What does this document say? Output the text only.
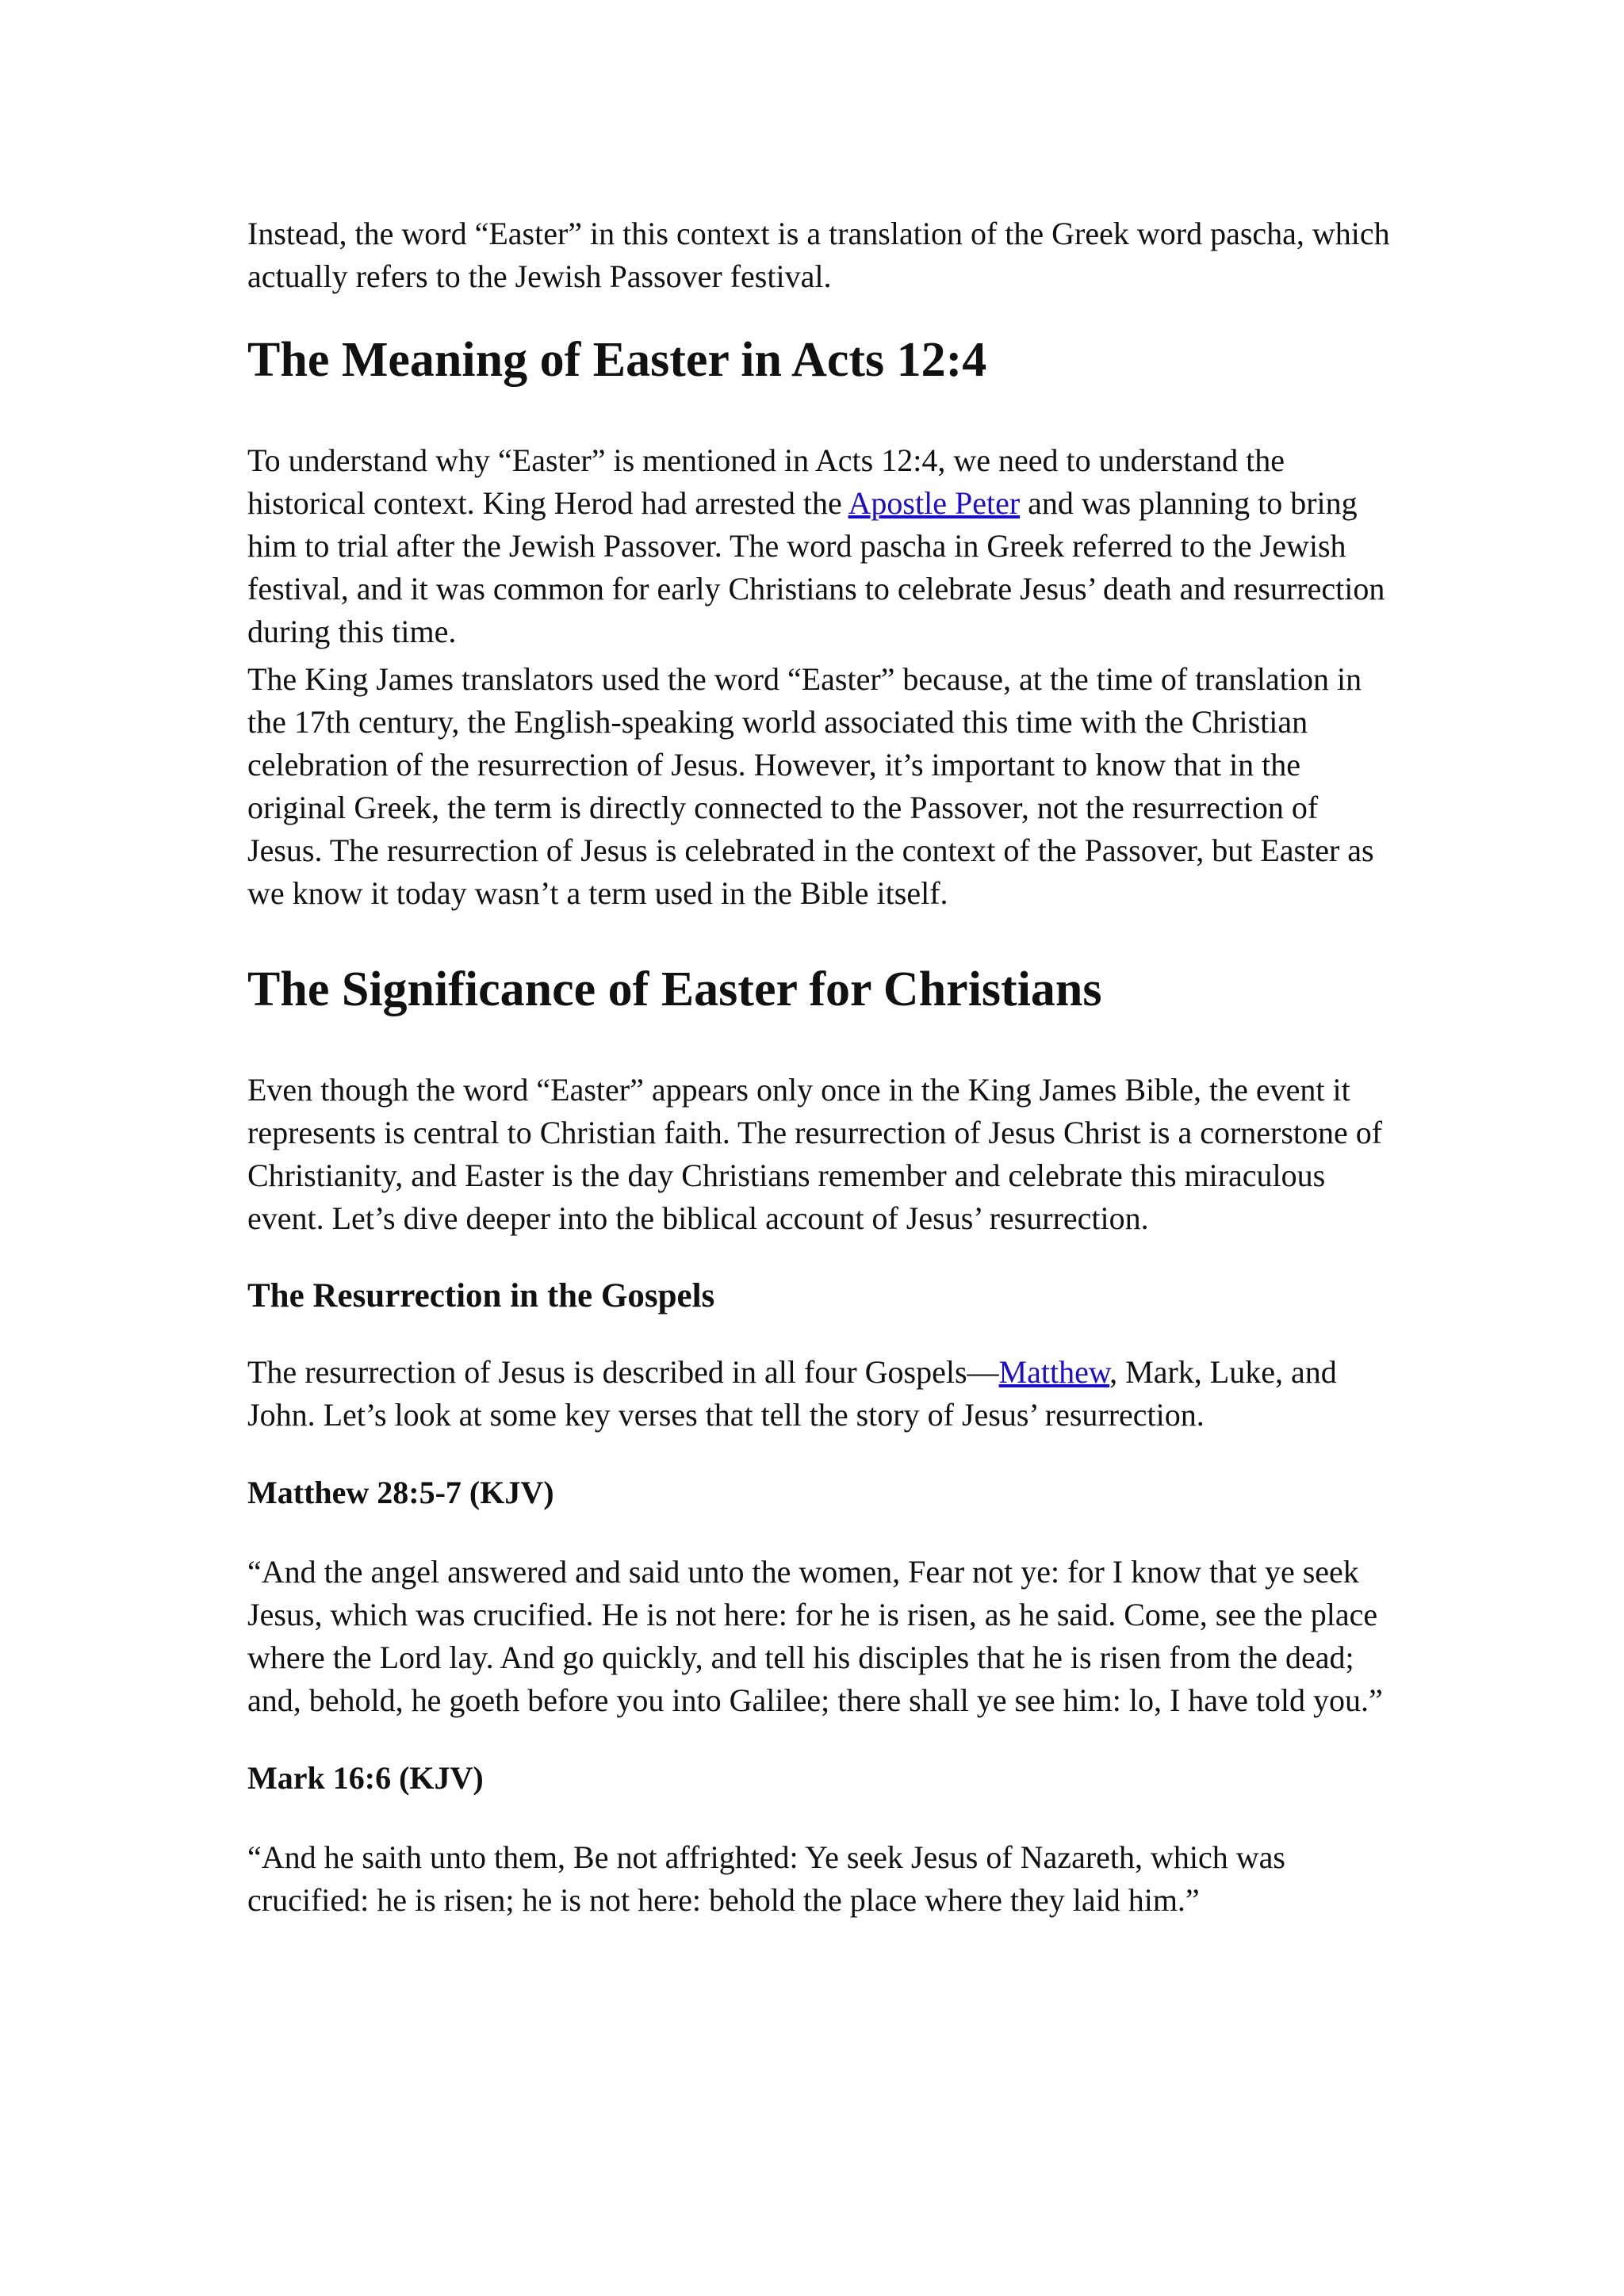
Instead, the word “Easter” in this context is a translation of the Greek word pascha, which actually refers to the Jewish Passover festival.

The Meaning of Easter in Acts 12:4

To understand why “Easter” is mentioned in Acts 12:4, we need to understand the historical context. King Herod had arrested the Apostle Peter and was planning to bring him to trial after the Jewish Passover. The word pascha in Greek referred to the Jewish festival, and it was common for early Christians to celebrate Jesus’ death and resurrection during this time.

The King James translators used the word “Easter” because, at the time of translation in the 17th century, the English-speaking world associated this time with the Christian celebration of the resurrection of Jesus. However, it’s important to know that in the original Greek, the term is directly connected to the Passover, not the resurrection of Jesus. The resurrection of Jesus is celebrated in the context of the Passover, but Easter as we know it today wasn’t a term used in the Bible itself.

The Significance of Easter for Christians

Even though the word “Easter” appears only once in the King James Bible, the event it represents is central to Christian faith. The resurrection of Jesus Christ is a cornerstone of Christianity, and Easter is the day Christians remember and celebrate this miraculous event. Let’s dive deeper into the biblical account of Jesus’ resurrection.

The Resurrection in the Gospels

The resurrection of Jesus is described in all four Gospels—Matthew, Mark, Luke, and John. Let’s look at some key verses that tell the story of Jesus’ resurrection.

Matthew 28:5-7 (KJV)

“And the angel answered and said unto the women, Fear not ye: for I know that ye seek Jesus, which was crucified. He is not here: for he is risen, as he said. Come, see the place where the Lord lay. And go quickly, and tell his disciples that he is risen from the dead; and, behold, he goeth before you into Galilee; there shall ye see him: lo, I have told you.”

Mark 16:6 (KJV)

“And he saith unto them, Be not affrighted: Ye seek Jesus of Nazareth, which was crucified: he is risen; he is not here: behold the place where they laid him.”
